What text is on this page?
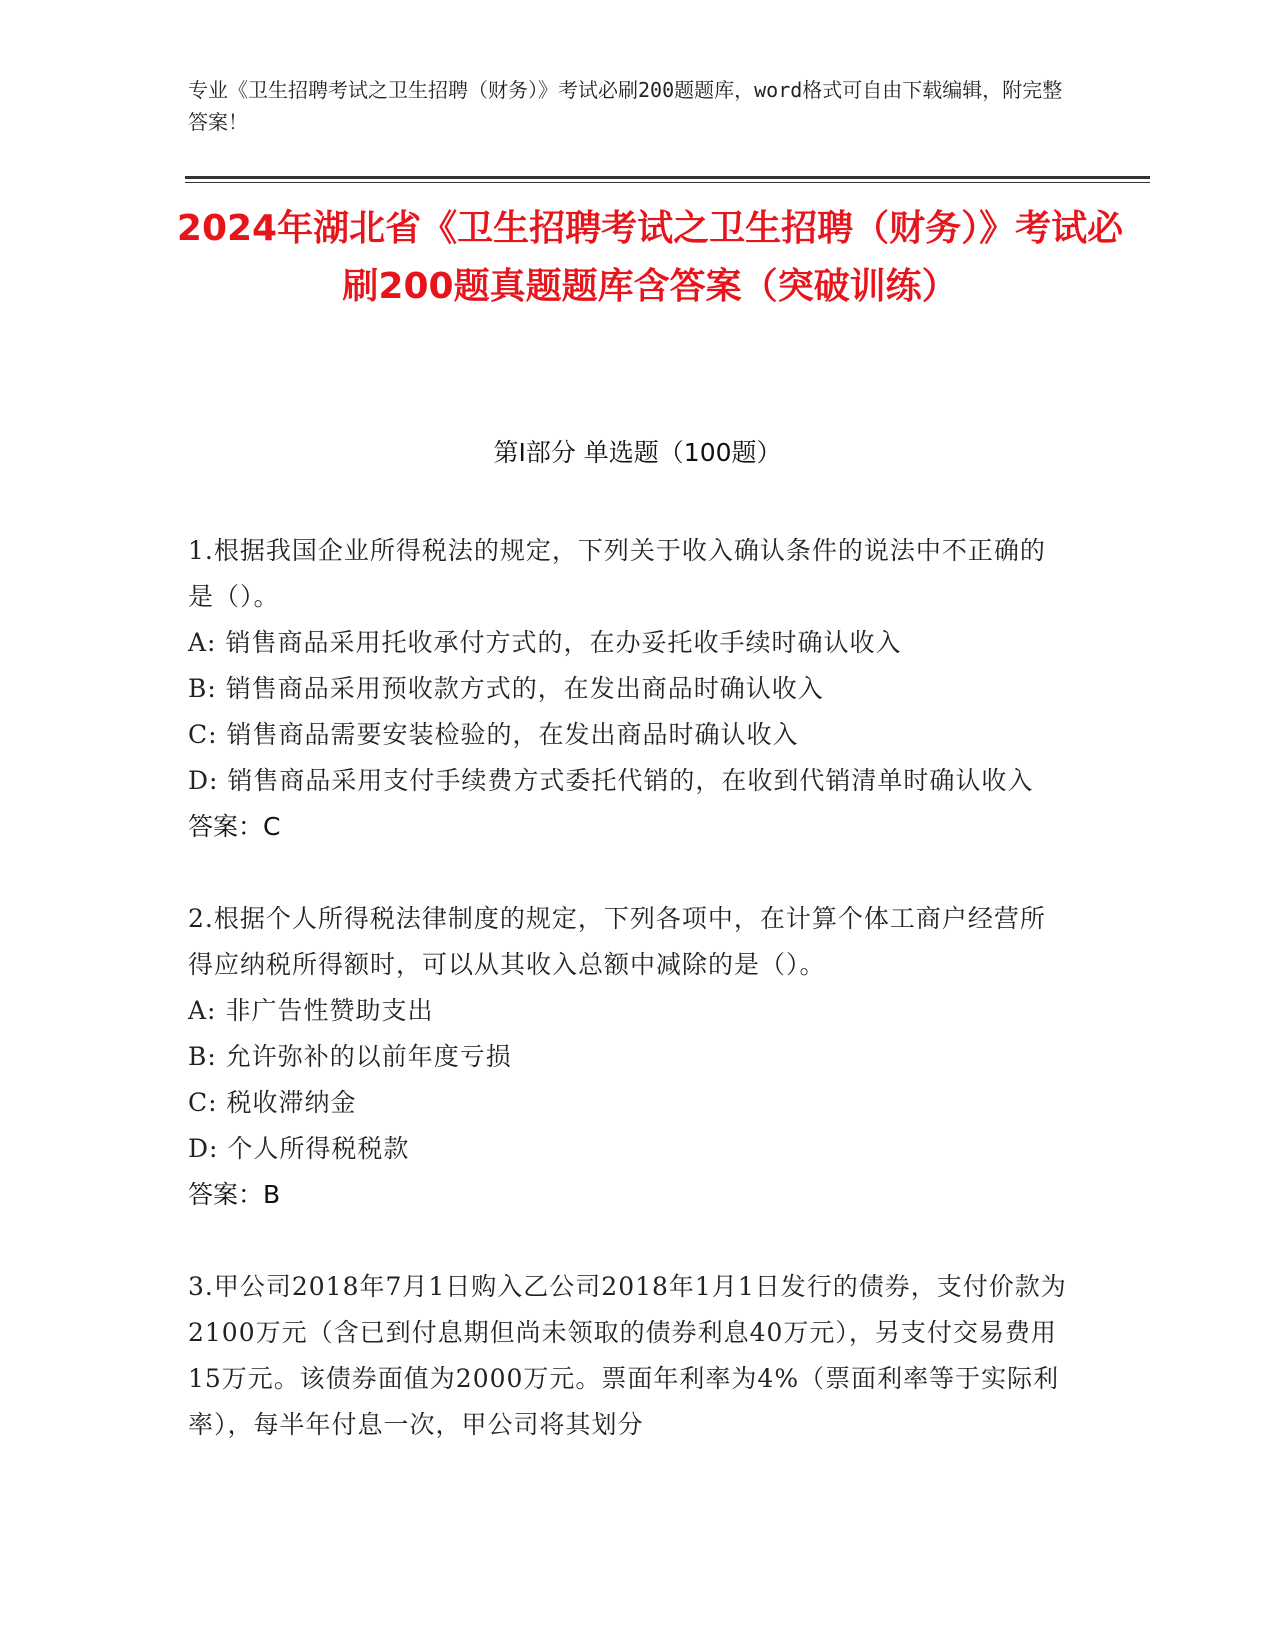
专业《卫生招聘考试之卫生招聘（财务）》考试必刷200题题库，word格式可自由下载编辑，附完整答案！
2024年湖北省《卫生招聘考试之卫生招聘（财务）》考试必刷200题真题题库含答案（突破训练）
第I部分 单选题（100题）
1.根据我国企业所得税法的规定，下列关于收入确认条件的说法中不正确的是（）。
A: 销售商品采用托收承付方式的，在办妥托收手续时确认收入
B: 销售商品采用预收款方式的，在发出商品时确认收入
C: 销售商品需要安装检验的，在发出商品时确认收入
D: 销售商品采用支付手续费方式委托代销的，在收到代销清单时确认收入
答案：C
2.根据个人所得税法律制度的规定，下列各项中，在计算个体工商户经营所得应纳税所得额时，可以从其收入总额中减除的是（）。
A: 非广告性赞助支出
B: 允许弥补的以前年度亏损
C: 税收滞纳金
D: 个人所得税税款
答案：B
3.甲公司2018年7月1日购入乙公司2018年1月1日发行的债券，支付价款为2100万元（含已到付息期但尚未领取的债券利息40万元），另支付交易费用15万元。该债券面值为2000万元。票面年利率为4%（票面利率等于实际利率），每半年付息一次，甲公司将其划分
